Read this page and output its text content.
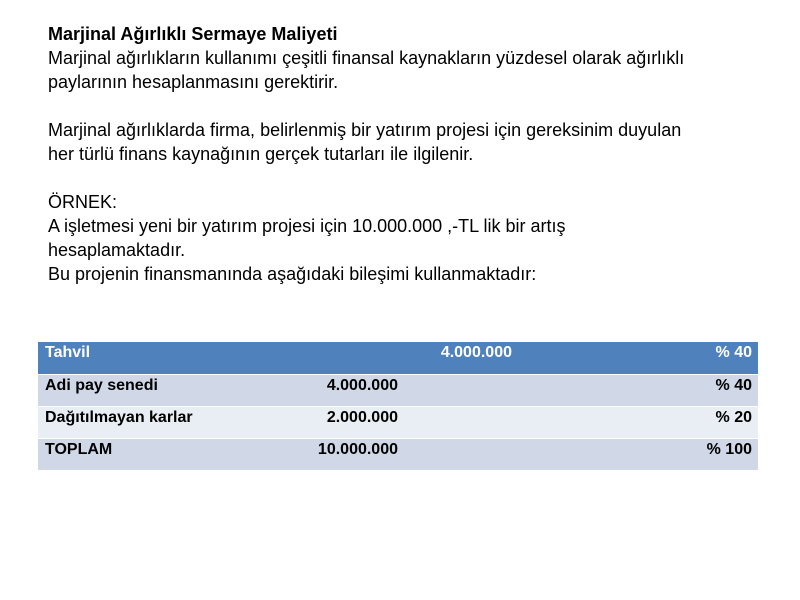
Marjinal Ağırlıklı Sermaye Maliyeti
Marjinal ağırlıkların kullanımı çeşitli finansal kaynakların yüzdesel olarak ağırlıklı
paylarının hesaplanmasını gerektirir.
Marjinal ağırlıklarda firma, belirlenmiş bir yatırım projesi için gereksinim duyulan
her türlü finans kaynağının gerçek tutarları ile ilgilenir.
ÖRNEK:
A işletmesi yeni bir yatırım projesi için 10.000.000 ,-TL lik bir artış
hesaplamaktadır.
Bu projenin finansmanında aşağıdaki bileşimi kullanmaktadır:
Tahvil		4.000.000	% 40
Adi pay senedi	4.000.000		% 40
Dağıtılmayan karlar	2.000.000		% 20
TOPLAM	10.000.000		% 100
